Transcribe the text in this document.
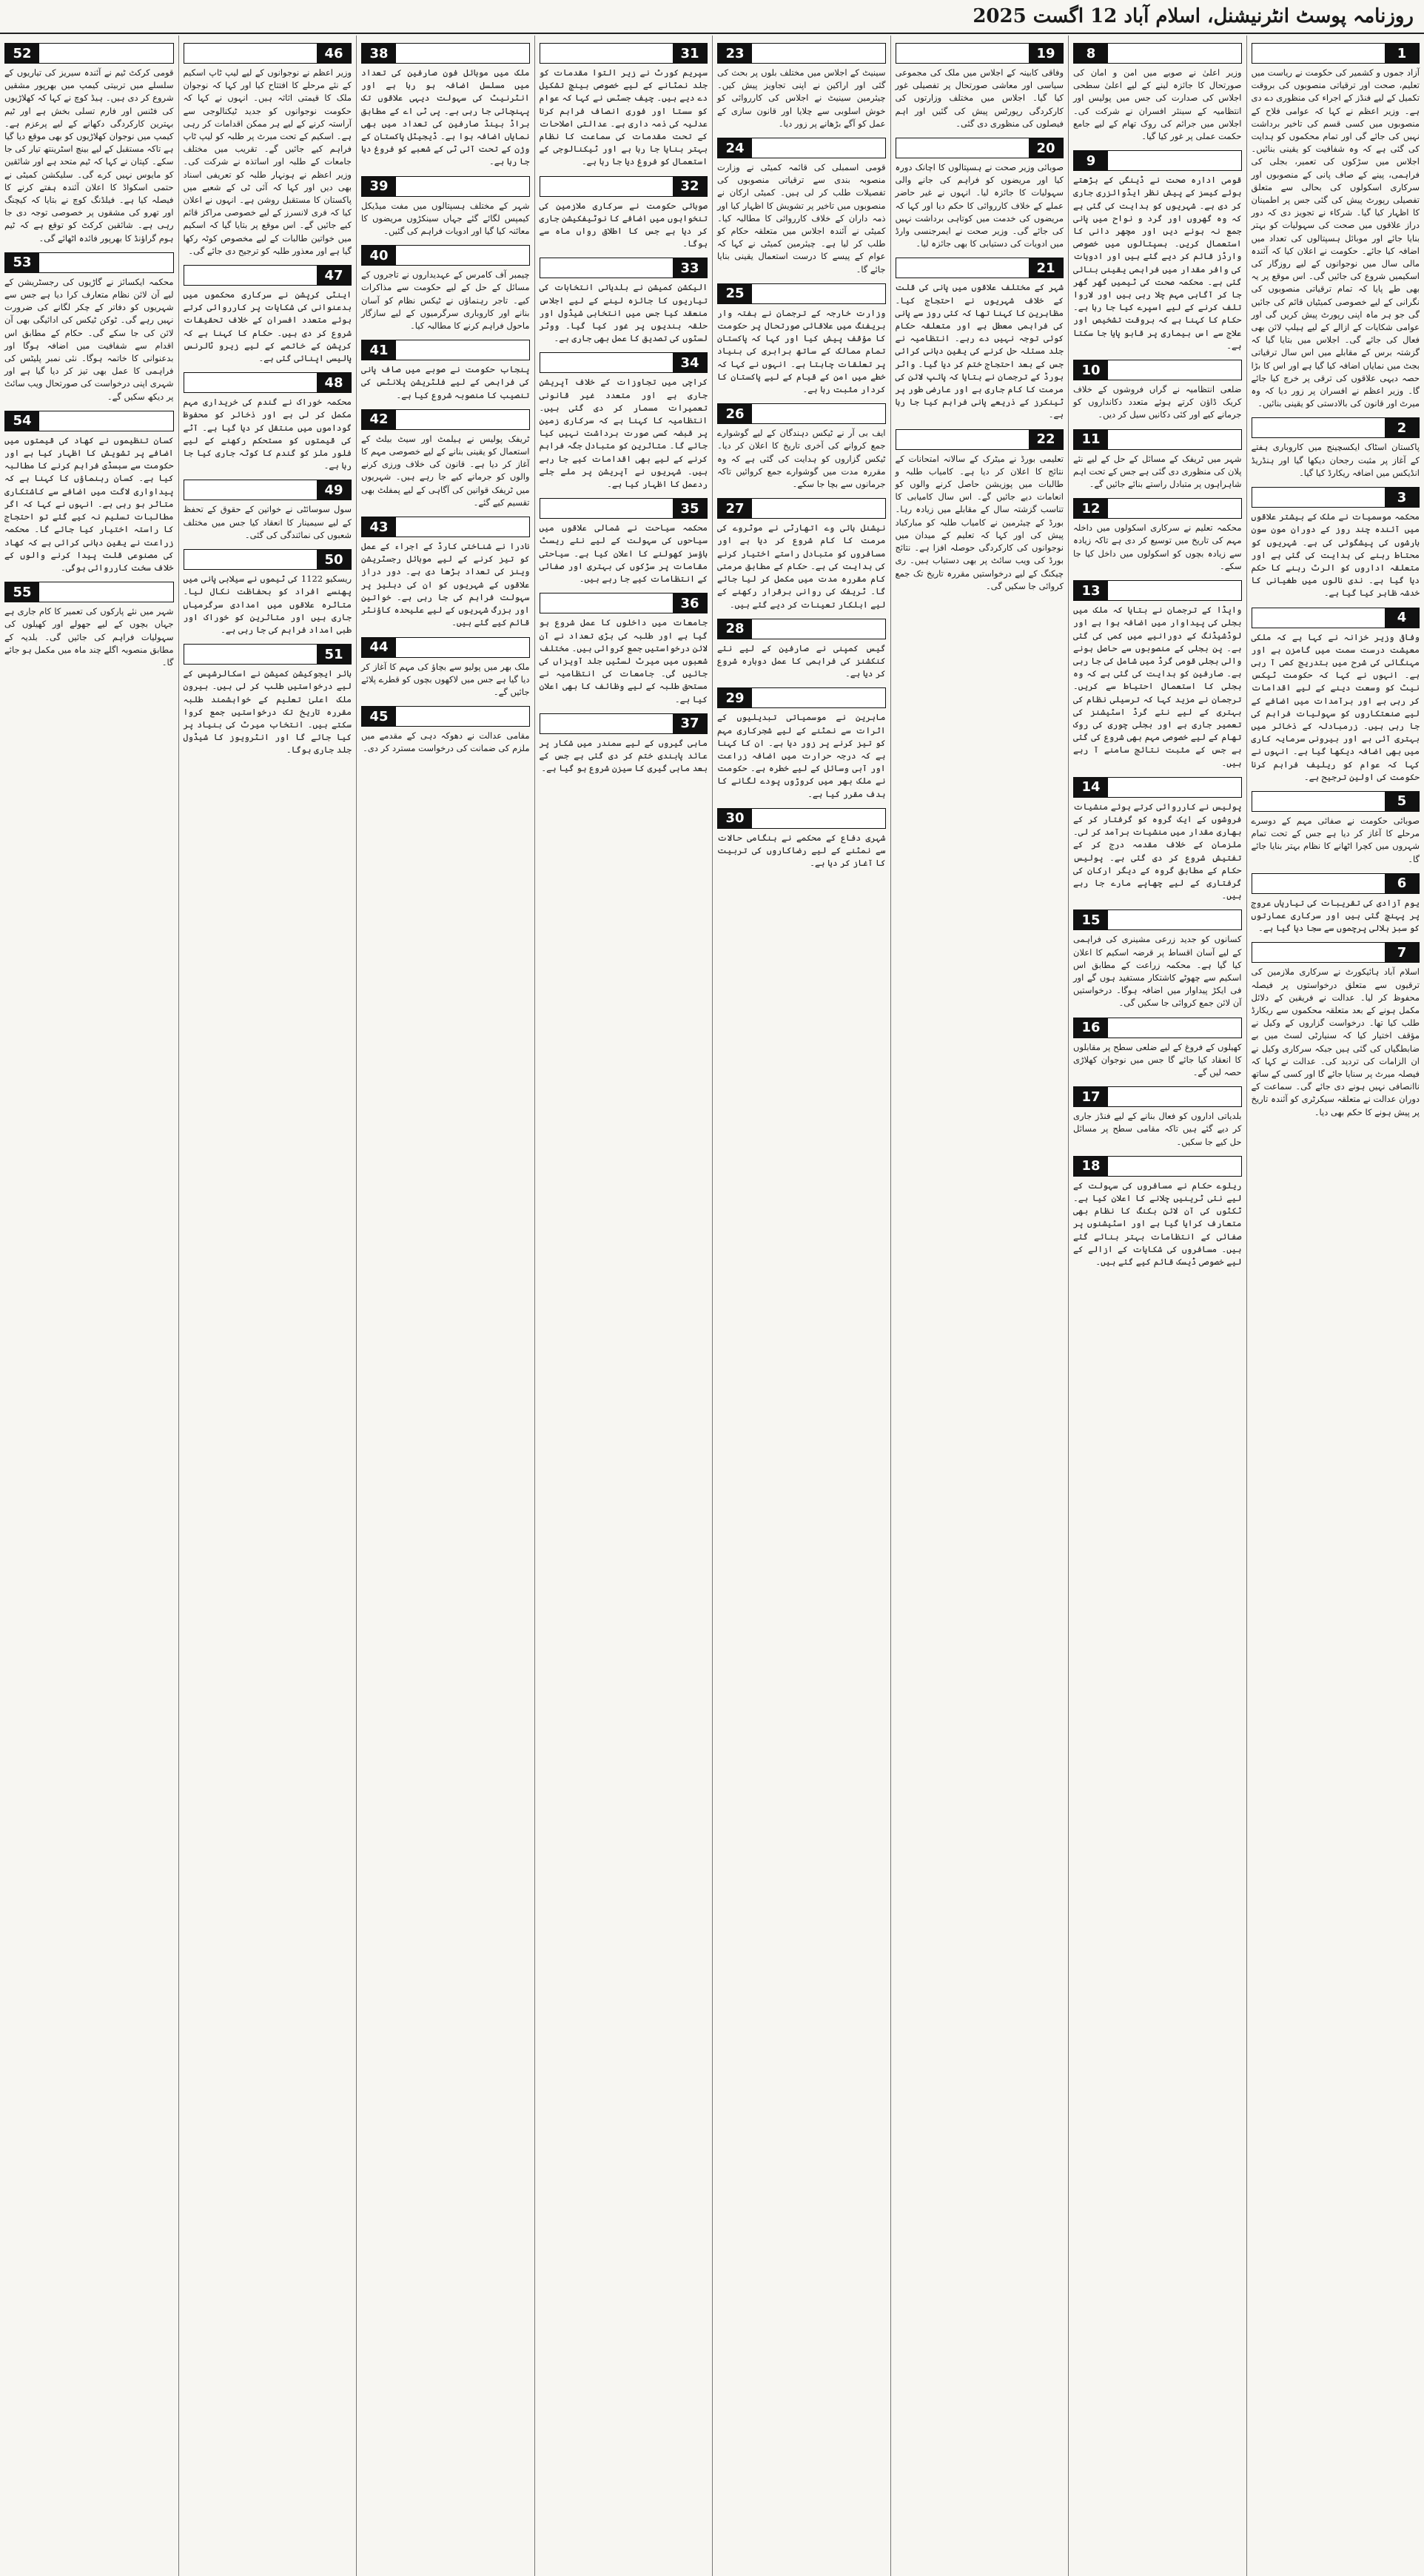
روزنامہ پوسٹ انٹرنیشنل، اسلام آباد 12 اگست 2025
1
آزاد جموں و کشمیر کی حکومت نے ریاست میں تعلیم، صحت اور ترقیاتی منصوبوں کی بروقت تکمیل کے لیے فنڈز کے اجراء کی منظوری دے دی ہے۔ وزیر اعظم نے کہا کہ عوامی فلاح کے منصوبوں میں کسی قسم کی تاخیر برداشت نہیں کی جائے گی اور تمام محکموں کو ہدایت کی گئی ہے کہ وہ شفافیت کو یقینی بنائیں۔ اجلاس میں سڑکوں کی تعمیر، بجلی کی فراہمی، پینے کے صاف پانی کے منصوبوں اور سرکاری اسکولوں کی بحالی سے متعلق تفصیلی رپورٹ پیش کی گئی جس پر اطمینان کا اظہار کیا گیا۔ شرکاء نے تجویز دی کہ دور دراز علاقوں میں صحت کی سہولیات کو بہتر بنایا جائے اور موبائل ہسپتالوں کی تعداد میں اضافہ کیا جائے۔ حکومت نے اعلان کیا کہ آئندہ مالی سال میں نوجوانوں کے لیے روزگار کی اسکیمیں شروع کی جائیں گی۔ اس موقع پر یہ بھی طے پایا کہ تمام ترقیاتی منصوبوں کی نگرانی کے لیے خصوصی کمیٹیاں قائم کی جائیں گی جو ہر ماہ اپنی رپورٹ پیش کریں گی اور عوامی شکایات کے ازالے کے لیے ہیلپ لائن بھی فعال کی جائے گی۔ اجلاس میں بتایا گیا کہ گزشتہ برس کے مقابلے میں اس سال ترقیاتی بجٹ میں نمایاں اضافہ کیا گیا ہے اور اس کا بڑا حصہ دیہی علاقوں کی ترقی پر خرچ کیا جائے گا۔ وزیر اعظم نے افسران پر زور دیا کہ وہ میرٹ اور قانون کی بالادستی کو یقینی بنائیں۔
2
پاکستان اسٹاک ایکسچینج میں کاروباری ہفتے کے آغاز پر مثبت رجحان دیکھا گیا اور ہنڈریڈ انڈیکس میں اضافہ ریکارڈ کیا گیا۔
3
محکمہ موسمیات نے ملک کے بیشتر علاقوں میں آئندہ چند روز کے دوران مون سون بارشوں کی پیشگوئی کی ہے۔ شہریوں کو محتاط رہنے کی ہدایت کی گئی ہے اور متعلقہ اداروں کو الرٹ رہنے کا حکم دیا گیا ہے۔ ندی نالوں میں طغیانی کا خدشہ ظاہر کیا گیا ہے۔
4
وفاقی وزیر خزانہ نے کہا ہے کہ ملکی معیشت درست سمت میں گامزن ہے اور مہنگائی کی شرح میں بتدریج کمی آ رہی ہے۔ انہوں نے کہا کہ حکومت ٹیکس نیٹ کو وسعت دینے کے لیے اقدامات کر رہی ہے اور برآمدات میں اضافے کے لیے صنعتکاروں کو سہولیات فراہم کی جا رہی ہیں۔ زرمبادلہ کے ذخائر میں بہتری آئی ہے اور بیرونی سرمایہ کاری میں بھی اضافہ دیکھا گیا ہے۔ انہوں نے کہا کہ عوام کو ریلیف فراہم کرنا حکومت کی اولین ترجیح ہے۔
5
صوبائی حکومت نے صفائی مہم کے دوسرے مرحلے کا آغاز کر دیا ہے جس کے تحت تمام شہروں میں کچرا اٹھانے کا نظام بہتر بنایا جائے گا۔
6
یوم آزادی کی تقریبات کی تیاریاں عروج پر پہنچ گئی ہیں اور سرکاری عمارتوں کو سبز ہلالی پرچموں سے سجا دیا گیا ہے۔
7
اسلام آباد ہائیکورٹ نے سرکاری ملازمین کی ترقیوں سے متعلق درخواستوں پر فیصلہ محفوظ کر لیا۔ عدالت نے فریقین کے دلائل مکمل ہونے کے بعد متعلقہ محکموں سے ریکارڈ طلب کیا تھا۔ درخواست گزاروں کے وکیل نے مؤقف اختیار کیا کہ سنیارٹی لسٹ میں بے ضابطگیاں کی گئی ہیں جبکہ سرکاری وکیل نے ان الزامات کی تردید کی۔ عدالت نے کہا کہ فیصلہ میرٹ پر سنایا جائے گا اور کسی کے ساتھ ناانصافی نہیں ہونے دی جائے گی۔ سماعت کے دوران عدالت نے متعلقہ سیکرٹری کو آئندہ تاریخ پر پیش ہونے کا حکم بھی دیا۔
8
وزیر اعلیٰ نے صوبے میں امن و امان کی صورتحال کا جائزہ لینے کے لیے اعلیٰ سطحی اجلاس کی صدارت کی جس میں پولیس اور انتظامیہ کے سینئر افسران نے شرکت کی۔ اجلاس میں جرائم کی روک تھام کے لیے جامع حکمت عملی پر غور کیا گیا۔
9
قومی ادارہ صحت نے ڈینگی کے بڑھتے ہوئے کیسز کے پیش نظر ایڈوائزری جاری کر دی ہے۔ شہریوں کو ہدایت کی گئی ہے کہ وہ گھروں اور گرد و نواح میں پانی جمع نہ ہونے دیں اور مچھر دانی کا استعمال کریں۔ ہسپتالوں میں خصوصی وارڈز قائم کر دیے گئے ہیں اور ادویات کی وافر مقدار میں فراہمی یقینی بنائی گئی ہے۔ محکمہ صحت کی ٹیمیں گھر گھر جا کر آگاہی مہم چلا رہی ہیں اور لاروا تلف کرنے کے لیے اسپرے کیا جا رہا ہے۔ حکام کا کہنا ہے کہ بروقت تشخیص اور علاج سے اس بیماری پر قابو پایا جا سکتا ہے۔
10
ضلعی انتظامیہ نے گراں فروشوں کے خلاف کریک ڈاؤن کرتے ہوئے متعدد دکانداروں کو جرمانے کیے اور کئی دکانیں سیل کر دیں۔
11
شہر میں ٹریفک کے مسائل کے حل کے لیے نئے پلان کی منظوری دی گئی ہے جس کے تحت اہم شاہراہوں پر متبادل راستے بنائے جائیں گے۔
12
محکمہ تعلیم نے سرکاری اسکولوں میں داخلہ مہم کی تاریخ میں توسیع کر دی ہے تاکہ زیادہ سے زیادہ بچوں کو اسکولوں میں داخل کیا جا سکے۔
13
واپڈا کے ترجمان نے بتایا کہ ملک میں بجلی کی پیداوار میں اضافہ ہوا ہے اور لوڈشیڈنگ کے دورانیے میں کمی کی گئی ہے۔ پن بجلی کے منصوبوں سے حاصل ہونے والی بجلی قومی گرڈ میں شامل کی جا رہی ہے۔ صارفین کو ہدایت کی گئی ہے کہ وہ بجلی کا استعمال احتیاط سے کریں۔ ترجمان نے مزید کہا کہ ترسیلی نظام کی بہتری کے لیے نئے گرڈ اسٹیشنز کی تعمیر جاری ہے اور بجلی چوری کی روک تھام کے لیے خصوصی مہم بھی شروع کی گئی ہے جس کے مثبت نتائج سامنے آ رہے ہیں۔
14
پولیس نے کارروائی کرتے ہوئے منشیات فروشوں کے ایک گروہ کو گرفتار کر کے بھاری مقدار میں منشیات برآمد کر لی۔ ملزمان کے خلاف مقدمہ درج کر کے تفتیش شروع کر دی گئی ہے۔ پولیس حکام کے مطابق گروہ کے دیگر ارکان کی گرفتاری کے لیے چھاپے مارے جا رہے ہیں۔
15
کسانوں کو جدید زرعی مشینری کی فراہمی کے لیے آسان اقساط پر قرضہ اسکیم کا اعلان کیا گیا ہے۔ محکمہ زراعت کے مطابق اس اسکیم سے چھوٹے کاشتکار مستفید ہوں گے اور فی ایکڑ پیداوار میں اضافہ ہوگا۔ درخواستیں آن لائن جمع کروائی جا سکیں گی۔
16
کھیلوں کے فروغ کے لیے ضلعی سطح پر مقابلوں کا انعقاد کیا جائے گا جس میں نوجوان کھلاڑی حصہ لیں گے۔
17
بلدیاتی اداروں کو فعال بنانے کے لیے فنڈز جاری کر دیے گئے ہیں تاکہ مقامی سطح پر مسائل حل کیے جا سکیں۔
18
ریلوے حکام نے مسافروں کی سہولت کے لیے نئی ٹرینیں چلانے کا اعلان کیا ہے۔ ٹکٹوں کی آن لائن بکنگ کا نظام بھی متعارف کرایا گیا ہے اور اسٹیشنوں پر صفائی کے انتظامات بہتر بنائے گئے ہیں۔ مسافروں کی شکایات کے ازالے کے لیے خصوصی ڈیسک قائم کیے گئے ہیں۔
19
وفاقی کابینہ کے اجلاس میں ملک کی مجموعی سیاسی اور معاشی صورتحال پر تفصیلی غور کیا گیا۔ اجلاس میں مختلف وزارتوں کی کارکردگی رپورٹس پیش کی گئیں اور اہم فیصلوں کی منظوری دی گئی۔
20
صوبائی وزیر صحت نے ہسپتالوں کا اچانک دورہ کیا اور مریضوں کو فراہم کی جانے والی سہولیات کا جائزہ لیا۔ انہوں نے غیر حاضر عملے کے خلاف کارروائی کا حکم دیا اور کہا کہ مریضوں کی خدمت میں کوتاہی برداشت نہیں کی جائے گی۔ وزیر صحت نے ایمرجنسی وارڈ میں ادویات کی دستیابی کا بھی جائزہ لیا۔
21
شہر کے مختلف علاقوں میں پانی کی قلت کے خلاف شہریوں نے احتجاج کیا۔ مظاہرین کا کہنا تھا کہ کئی روز سے پانی کی فراہمی معطل ہے اور متعلقہ حکام کوئی توجہ نہیں دے رہے۔ انتظامیہ نے جلد مسئلہ حل کرنے کی یقین دہانی کرائی جس کے بعد احتجاج ختم کر دیا گیا۔ واٹر بورڈ کے ترجمان نے بتایا کہ پائپ لائن کی مرمت کا کام جاری ہے اور عارضی طور پر ٹینکرز کے ذریعے پانی فراہم کیا جا رہا ہے۔
22
تعلیمی بورڈ نے میٹرک کے سالانہ امتحانات کے نتائج کا اعلان کر دیا ہے۔ کامیاب طلبہ و طالبات میں پوزیشن حاصل کرنے والوں کو انعامات دیے جائیں گے۔ اس سال کامیابی کا تناسب گزشتہ سال کے مقابلے میں زیادہ رہا۔ بورڈ کے چیئرمین نے کامیاب طلبہ کو مبارکباد پیش کی اور کہا کہ تعلیم کے میدان میں نوجوانوں کی کارکردگی حوصلہ افزا ہے۔ نتائج بورڈ کی ویب سائٹ پر بھی دستیاب ہیں۔ ری چیکنگ کے لیے درخواستیں مقررہ تاریخ تک جمع کروائی جا سکیں گی۔
23
سینیٹ کے اجلاس میں مختلف بلوں پر بحث کی گئی اور اراکین نے اپنی تجاویز پیش کیں۔ چیئرمین سینیٹ نے اجلاس کی کارروائی کو خوش اسلوبی سے چلایا اور قانون سازی کے عمل کو آگے بڑھانے پر زور دیا۔
24
قومی اسمبلی کی قائمہ کمیٹی نے وزارت منصوبہ بندی سے ترقیاتی منصوبوں کی تفصیلات طلب کر لی ہیں۔ کمیٹی ارکان نے منصوبوں میں تاخیر پر تشویش کا اظہار کیا اور ذمہ داران کے خلاف کارروائی کا مطالبہ کیا۔ کمیٹی نے آئندہ اجلاس میں متعلقہ حکام کو طلب کر لیا ہے۔ چیئرمین کمیٹی نے کہا کہ عوام کے پیسے کا درست استعمال یقینی بنایا جائے گا۔
25
وزارت خارجہ کے ترجمان نے ہفتہ وار بریفنگ میں علاقائی صورتحال پر حکومت کا مؤقف پیش کیا اور کہا کہ پاکستان تمام ممالک کے ساتھ برابری کی بنیاد پر تعلقات چاہتا ہے۔ انہوں نے کہا کہ خطے میں امن کے قیام کے لیے پاکستان کا کردار مثبت رہا ہے۔
26
ایف بی آر نے ٹیکس دہندگان کے لیے گوشوارے جمع کروانے کی آخری تاریخ کا اعلان کر دیا۔ ٹیکس گزاروں کو ہدایت کی گئی ہے کہ وہ مقررہ مدت میں گوشوارے جمع کروائیں تاکہ جرمانوں سے بچا جا سکے۔
27
نیشنل ہائی وے اتھارٹی نے موٹروے کی مرمت کا کام شروع کر دیا ہے اور مسافروں کو متبادل راستے اختیار کرنے کی ہدایت کی ہے۔ حکام کے مطابق مرمتی کام مقررہ مدت میں مکمل کر لیا جائے گا۔ ٹریفک کی روانی برقرار رکھنے کے لیے اہلکار تعینات کر دیے گئے ہیں۔
28
گیس کمپنی نے صارفین کے لیے نئے کنکشنز کی فراہمی کا عمل دوبارہ شروع کر دیا ہے۔
29
ماہرین نے موسمیاتی تبدیلیوں کے اثرات سے نمٹنے کے لیے شجرکاری مہم کو تیز کرنے پر زور دیا ہے۔ ان کا کہنا ہے کہ درجہ حرارت میں اضافہ زراعت اور آبی وسائل کے لیے خطرہ ہے۔ حکومت نے ملک بھر میں کروڑوں پودے لگانے کا ہدف مقرر کیا ہے۔
30
شہری دفاع کے محکمے نے ہنگامی حالات سے نمٹنے کے لیے رضاکاروں کی تربیت کا آغاز کر دیا ہے۔
31
سپریم کورٹ نے زیر التوا مقدمات کو جلد نمٹانے کے لیے خصوصی بینچ تشکیل دے دیے ہیں۔ چیف جسٹس نے کہا کہ عوام کو سستا اور فوری انصاف فراہم کرنا عدلیہ کی ذمہ داری ہے۔ عدالتی اصلاحات کے تحت مقدمات کی سماعت کا نظام بہتر بنایا جا رہا ہے اور ٹیکنالوجی کے استعمال کو فروغ دیا جا رہا ہے۔
32
صوبائی حکومت نے سرکاری ملازمین کی تنخواہوں میں اضافے کا نوٹیفکیشن جاری کر دیا ہے جس کا اطلاق رواں ماہ سے ہوگا۔
33
الیکشن کمیشن نے بلدیاتی انتخابات کی تیاریوں کا جائزہ لینے کے لیے اجلاس منعقد کیا جس میں انتخابی شیڈول اور حلقہ بندیوں پر غور کیا گیا۔ ووٹر لسٹوں کی تصدیق کا عمل بھی جاری ہے۔
34
کراچی میں تجاوزات کے خلاف آپریشن جاری ہے اور متعدد غیر قانونی تعمیرات مسمار کر دی گئی ہیں۔ انتظامیہ کا کہنا ہے کہ سرکاری زمین پر قبضہ کسی صورت برداشت نہیں کیا جائے گا۔ متاثرین کو متبادل جگہ فراہم کرنے کے لیے بھی اقدامات کیے جا رہے ہیں۔ شہریوں نے آپریشن پر ملے جلے ردعمل کا اظہار کیا ہے۔
35
محکمہ سیاحت نے شمالی علاقوں میں سیاحوں کی سہولت کے لیے نئے ریسٹ ہاؤسز کھولنے کا اعلان کیا ہے۔ سیاحتی مقامات پر سڑکوں کی بہتری اور صفائی کے انتظامات کیے جا رہے ہیں۔
36
جامعات میں داخلوں کا عمل شروع ہو گیا ہے اور طلبہ کی بڑی تعداد نے آن لائن درخواستیں جمع کروائی ہیں۔ مختلف شعبوں میں میرٹ لسٹیں جلد آویزاں کی جائیں گی۔ جامعات کی انتظامیہ نے مستحق طلبہ کے لیے وظائف کا بھی اعلان کیا ہے۔
37
ماہی گیروں کے لیے سمندر میں شکار پر عائد پابندی ختم کر دی گئی ہے جس کے بعد ماہی گیری کا سیزن شروع ہو گیا ہے۔
38
ملک میں موبائل فون صارفین کی تعداد میں مسلسل اضافہ ہو رہا ہے اور انٹرنیٹ کی سہولت دیہی علاقوں تک پہنچائی جا رہی ہے۔ پی ٹی اے کے مطابق براڈ بینڈ صارفین کی تعداد میں بھی نمایاں اضافہ ہوا ہے۔ ڈیجیٹل پاکستان کے وژن کے تحت آئی ٹی کے شعبے کو فروغ دیا جا رہا ہے۔
39
شہر کے مختلف ہسپتالوں میں مفت میڈیکل کیمپس لگائے گئے جہاں سینکڑوں مریضوں کا معائنہ کیا گیا اور ادویات فراہم کی گئیں۔
40
چیمبر آف کامرس کے عہدیداروں نے تاجروں کے مسائل کے حل کے لیے حکومت سے مذاکرات کیے۔ تاجر رہنماؤں نے ٹیکس نظام کو آسان بنانے اور کاروباری سرگرمیوں کے لیے سازگار ماحول فراہم کرنے کا مطالبہ کیا۔
41
پنجاب حکومت نے صوبے میں صاف پانی کی فراہمی کے لیے فلٹریشن پلانٹس کی تنصیب کا منصوبہ شروع کیا ہے۔
42
ٹریفک پولیس نے ہیلمٹ اور سیٹ بیلٹ کے استعمال کو یقینی بنانے کے لیے خصوصی مہم کا آغاز کر دیا ہے۔ قانون کی خلاف ورزی کرنے والوں کو جرمانے کیے جا رہے ہیں۔ شہریوں میں ٹریفک قوانین کی آگاہی کے لیے پمفلٹ بھی تقسیم کیے گئے۔
43
نادرا نے شناختی کارڈ کے اجراء کے عمل کو تیز کرنے کے لیے موبائل رجسٹریشن وینز کی تعداد بڑھا دی ہے۔ دور دراز علاقوں کے شہریوں کو ان کی دہلیز پر سہولت فراہم کی جا رہی ہے۔ خواتین اور بزرگ شہریوں کے لیے علیحدہ کاؤنٹر قائم کیے گئے ہیں۔
44
ملک بھر میں پولیو سے بچاؤ کی مہم کا آغاز کر دیا گیا ہے جس میں لاکھوں بچوں کو قطرے پلائے جائیں گے۔
45
مقامی عدالت نے دھوکہ دہی کے مقدمے میں ملزم کی ضمانت کی درخواست مسترد کر دی۔
46
وزیر اعظم نے نوجوانوں کے لیے لیپ ٹاپ اسکیم کے نئے مرحلے کا افتتاح کیا اور کہا کہ نوجوان ملک کا قیمتی اثاثہ ہیں۔ انہوں نے کہا کہ حکومت نوجوانوں کو جدید ٹیکنالوجی سے آراستہ کرنے کے لیے ہر ممکن اقدامات کر رہی ہے۔ اسکیم کے تحت میرٹ پر طلبہ کو لیپ ٹاپ فراہم کیے جائیں گے۔ تقریب میں مختلف جامعات کے طلبہ اور اساتذہ نے شرکت کی۔ وزیر اعظم نے ہونہار طلبہ کو تعریفی اسناد بھی دیں اور کہا کہ آئی ٹی کے شعبے میں پاکستان کا مستقبل روشن ہے۔ انہوں نے اعلان کیا کہ فری لانسرز کے لیے خصوصی مراکز قائم کیے جائیں گے۔ اس موقع پر بتایا گیا کہ اسکیم میں خواتین طالبات کے لیے مخصوص کوٹہ رکھا گیا ہے اور معذور طلبہ کو ترجیح دی جائے گی۔
47
اینٹی کرپشن نے سرکاری محکموں میں بدعنوانی کی شکایات پر کارروائی کرتے ہوئے متعدد افسران کے خلاف تحقیقات شروع کر دی ہیں۔ حکام کا کہنا ہے کہ کرپشن کے خاتمے کے لیے زیرو ٹالرنس پالیسی اپنائی گئی ہے۔
48
محکمہ خوراک نے گندم کی خریداری مہم مکمل کر لی ہے اور ذخائر کو محفوظ گوداموں میں منتقل کر دیا گیا ہے۔ آٹے کی قیمتوں کو مستحکم رکھنے کے لیے فلور ملز کو گندم کا کوٹہ جاری کیا جا رہا ہے۔
49
سول سوسائٹی نے خواتین کے حقوق کے تحفظ کے لیے سیمینار کا انعقاد کیا جس میں مختلف شعبوں کی نمائندگی کی گئی۔
50
ریسکیو 1122 کی ٹیموں نے سیلابی پانی میں پھنسے افراد کو بحفاظت نکال لیا۔ متاثرہ علاقوں میں امدادی سرگرمیاں جاری ہیں اور متاثرین کو خوراک اور طبی امداد فراہم کی جا رہی ہے۔
51
ہائر ایجوکیشن کمیشن نے اسکالرشپس کے لیے درخواستیں طلب کر لی ہیں۔ بیرون ملک اعلیٰ تعلیم کے خواہشمند طلبہ مقررہ تاریخ تک درخواستیں جمع کروا سکتے ہیں۔ انتخاب میرٹ کی بنیاد پر کیا جائے گا اور انٹرویوز کا شیڈول جلد جاری ہوگا۔
52
قومی کرکٹ ٹیم نے آئندہ سیریز کی تیاریوں کے سلسلے میں تربیتی کیمپ میں بھرپور مشقیں شروع کر دی ہیں۔ ہیڈ کوچ نے کہا کہ کھلاڑیوں کی فٹنس اور فارم تسلی بخش ہے اور ٹیم بہترین کارکردگی دکھانے کے لیے پرعزم ہے۔ کیمپ میں نوجوان کھلاڑیوں کو بھی موقع دیا گیا ہے تاکہ مستقبل کے لیے بینچ اسٹرینتھ تیار کی جا سکے۔ کپتان نے کہا کہ ٹیم متحد ہے اور شائقین کو مایوس نہیں کرے گی۔ سلیکشن کمیٹی نے حتمی اسکواڈ کا اعلان آئندہ ہفتے کرنے کا فیصلہ کیا ہے۔ فیلڈنگ کوچ نے بتایا کہ کیچنگ اور تھرو کی مشقوں پر خصوصی توجہ دی جا رہی ہے۔ شائقین کرکٹ کو توقع ہے کہ ٹیم ہوم گراؤنڈ کا بھرپور فائدہ اٹھائے گی۔
53
محکمہ ایکسائز نے گاڑیوں کی رجسٹریشن کے لیے آن لائن نظام متعارف کرا دیا ہے جس سے شہریوں کو دفاتر کے چکر لگانے کی ضرورت نہیں رہے گی۔ ٹوکن ٹیکس کی ادائیگی بھی آن لائن کی جا سکے گی۔ حکام کے مطابق اس اقدام سے شفافیت میں اضافہ ہوگا اور بدعنوانی کا خاتمہ ہوگا۔ نئی نمبر پلیٹس کی فراہمی کا عمل بھی تیز کر دیا گیا ہے اور شہری اپنی درخواست کی صورتحال ویب سائٹ پر دیکھ سکیں گے۔
54
کسان تنظیموں نے کھاد کی قیمتوں میں اضافے پر تشویش کا اظہار کیا ہے اور حکومت سے سبسڈی فراہم کرنے کا مطالبہ کیا ہے۔ کسان رہنماؤں کا کہنا ہے کہ پیداواری لاگت میں اضافے سے کاشتکاری متاثر ہو رہی ہے۔ انہوں نے کہا کہ اگر مطالبات تسلیم نہ کیے گئے تو احتجاج کا راستہ اختیار کیا جائے گا۔ محکمہ زراعت نے یقین دہانی کرائی ہے کہ کھاد کی مصنوعی قلت پیدا کرنے والوں کے خلاف سخت کارروائی ہوگی۔
55
شہر میں نئے پارکوں کی تعمیر کا کام جاری ہے جہاں بچوں کے لیے جھولے اور کھیلوں کی سہولیات فراہم کی جائیں گی۔ بلدیہ کے مطابق منصوبہ اگلے چند ماہ میں مکمل ہو جائے گا۔
